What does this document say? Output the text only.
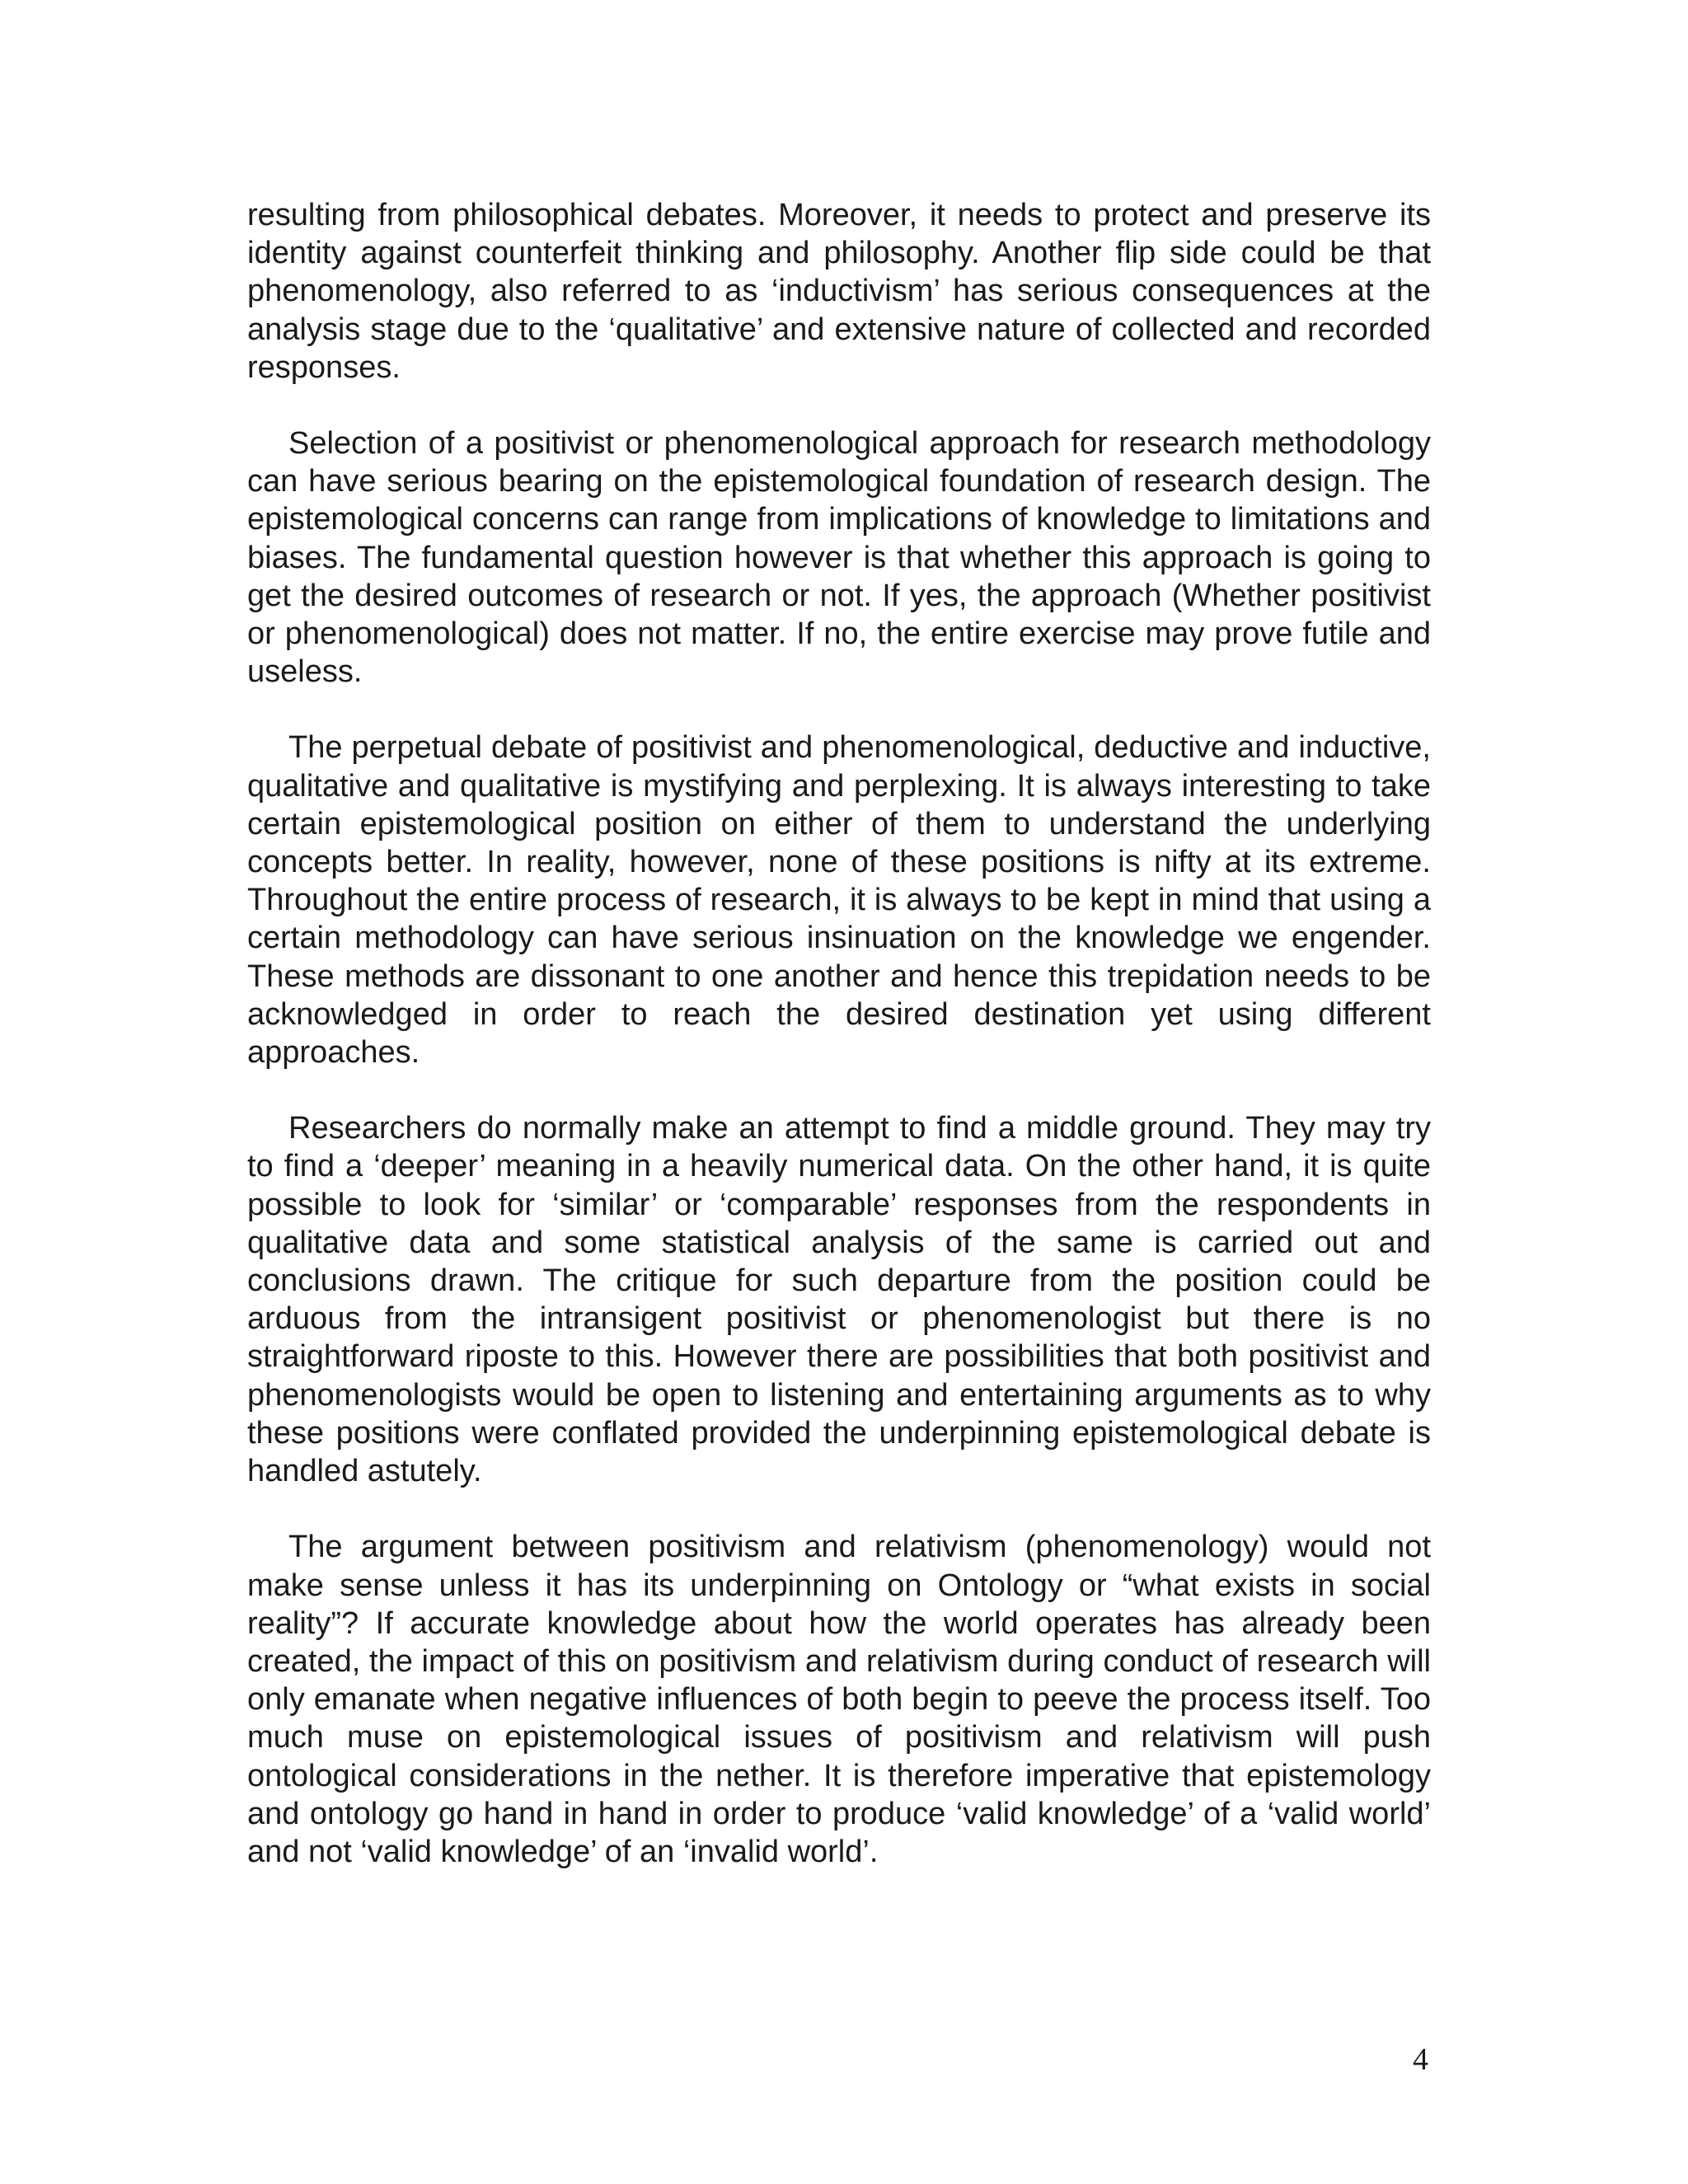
resulting from philosophical debates. Moreover, it needs to protect and preserve its identity against counterfeit thinking and philosophy. Another flip side could be that phenomenology, also referred to as ‘inductivism’ has serious consequences at the analysis stage due to the ‘qualitative’ and extensive nature of collected and recorded responses.

Selection of a positivist or phenomenological approach for research methodology can have serious bearing on the epistemological foundation of research design. The epistemological concerns can range from implications of knowledge to limitations and biases. The fundamental question however is that whether this approach is going to get the desired outcomes of research or not. If yes, the approach (Whether positivist or phenomenological) does not matter. If no, the entire exercise may prove futile and useless.

The perpetual debate of positivist and phenomenological, deductive and inductive, qualitative and qualitative is mystifying and perplexing. It is always interesting to take certain epistemological position on either of them to understand the underlying concepts better. In reality, however, none of these positions is nifty at its extreme. Throughout the entire process of research, it is always to be kept in mind that using a certain methodology can have serious insinuation on the knowledge we engender. These methods are dissonant to one another and hence this trepidation needs to be acknowledged in order to reach the desired destination yet using different approaches.

Researchers do normally make an attempt to find a middle ground. They may try to find a ‘deeper’ meaning in a heavily numerical data. On the other hand, it is quite possible to look for ‘similar’ or ‘comparable’ responses from the respondents in qualitative data and some statistical analysis of the same is carried out and conclusions drawn. The critique for such departure from the position could be arduous from the intransigent positivist or phenomenologist but there is no straightforward riposte to this. However there are possibilities that both positivist and phenomenologists would be open to listening and entertaining arguments as to why these positions were conflated provided the underpinning epistemological debate is handled astutely.

The argument between positivism and relativism (phenomenology) would not make sense unless it has its underpinning on Ontology or “what exists in social reality”? If accurate knowledge about how the world operates has already been created, the impact of this on positivism and relativism during conduct of research will only emanate when negative influences of both begin to peeve the process itself. Too much muse on epistemological issues of positivism and relativism will push ontological considerations in the nether. It is therefore imperative that epistemology and ontology go hand in hand in order to produce ‘valid knowledge’ of a ‘valid world’ and not ‘valid knowledge’ of an ‘invalid world’.

4
